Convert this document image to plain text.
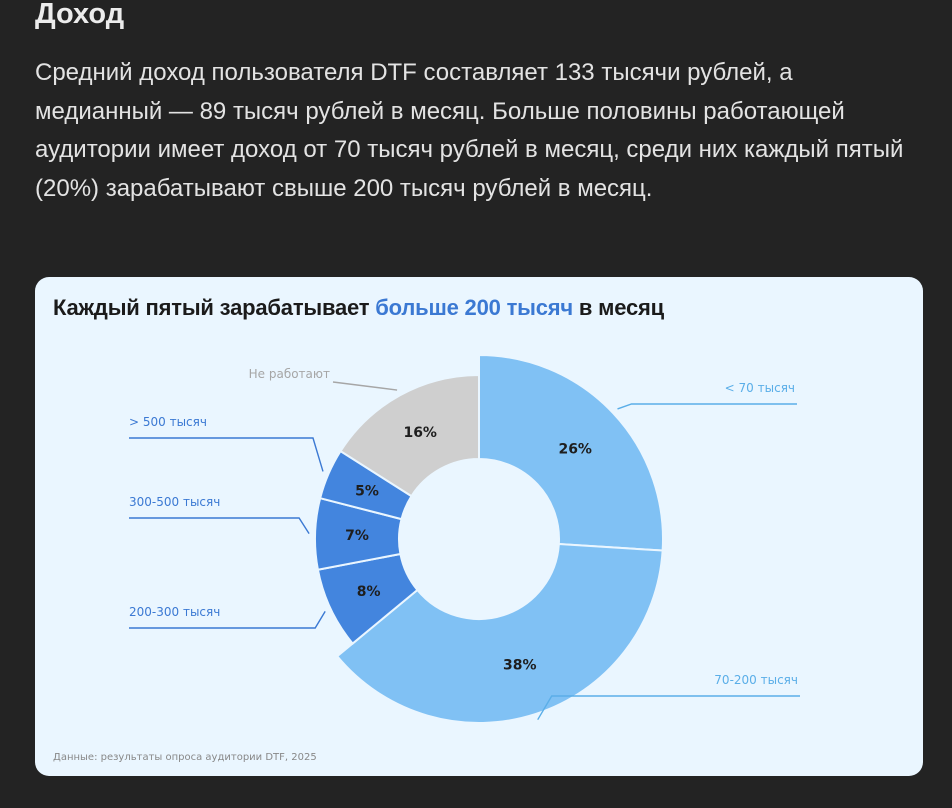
Доход

Средний доход пользователя DTF составляет 133 тысячи рублей, а медианный — 89 тысяч рублей в месяц. Больше половины работающей аудитории имеет доход от 70 тысяч рублей в месяц, среди них каждый пятый (20%) зарабатывают свыше 200 тысяч рублей в месяц.

Каждый пятый зарабатывает больше 200 тысяч в месяц
26%
38%
8%
7%
5%
16%
< 70 тысяч
70-200 тысяч
200-300 тысяч
300-500 тысяч
> 500 тысяч
Не работают

Данные: результаты опроса аудитории DTF, 2025
